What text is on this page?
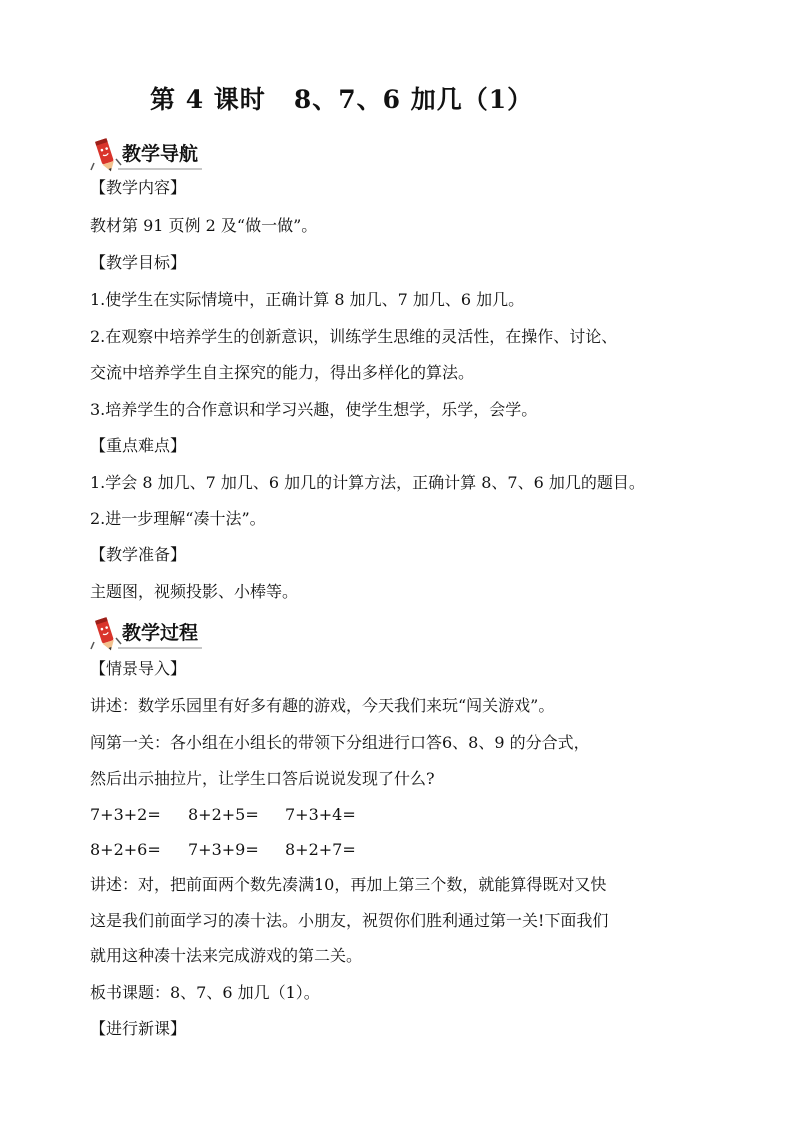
第 4 课时 8、7、6 加几（1）
教学导航
【教学内容】
教材第 91 页例 2 及“做一做”。
【教学目标】
1.使学生在实际情境中，正确计算 8 加几、7 加几、6 加几。
2.在观察中培养学生的创新意识，训练学生思维的灵活性，在操作、讨论、
交流中培养学生自主探究的能力，得出多样化的算法。
3.培养学生的合作意识和学习兴趣，使学生想学，乐学，会学。
【重点难点】
1.学会 8 加几、7 加几、6 加几的计算方法，正确计算 8、7、6 加几的题目。
2.进一步理解“凑十法”。
【教学准备】
主题图，视频投影、小棒等。
教学过程
【情景导入】
讲述：数学乐园里有好多有趣的游戏，今天我们来玩“闯关游戏”。
闯第一关：各小组在小组长的带领下分组进行口答6、8、9 的分合式，
然后出示抽拉片，让学生口答后说说发现了什么?
7+3+2= 8+2+5= 7+3+4=
8+2+6= 7+3+9= 8+2+7=
讲述：对，把前面两个数先凑满10，再加上第三个数，就能算得既对又快
这是我们前面学习的凑十法。小朋友，祝贺你们胜利通过第一关!下面我们
就用这种凑十法来完成游戏的第二关。
板书课题：8、7、6 加几（1）。
【进行新课】
